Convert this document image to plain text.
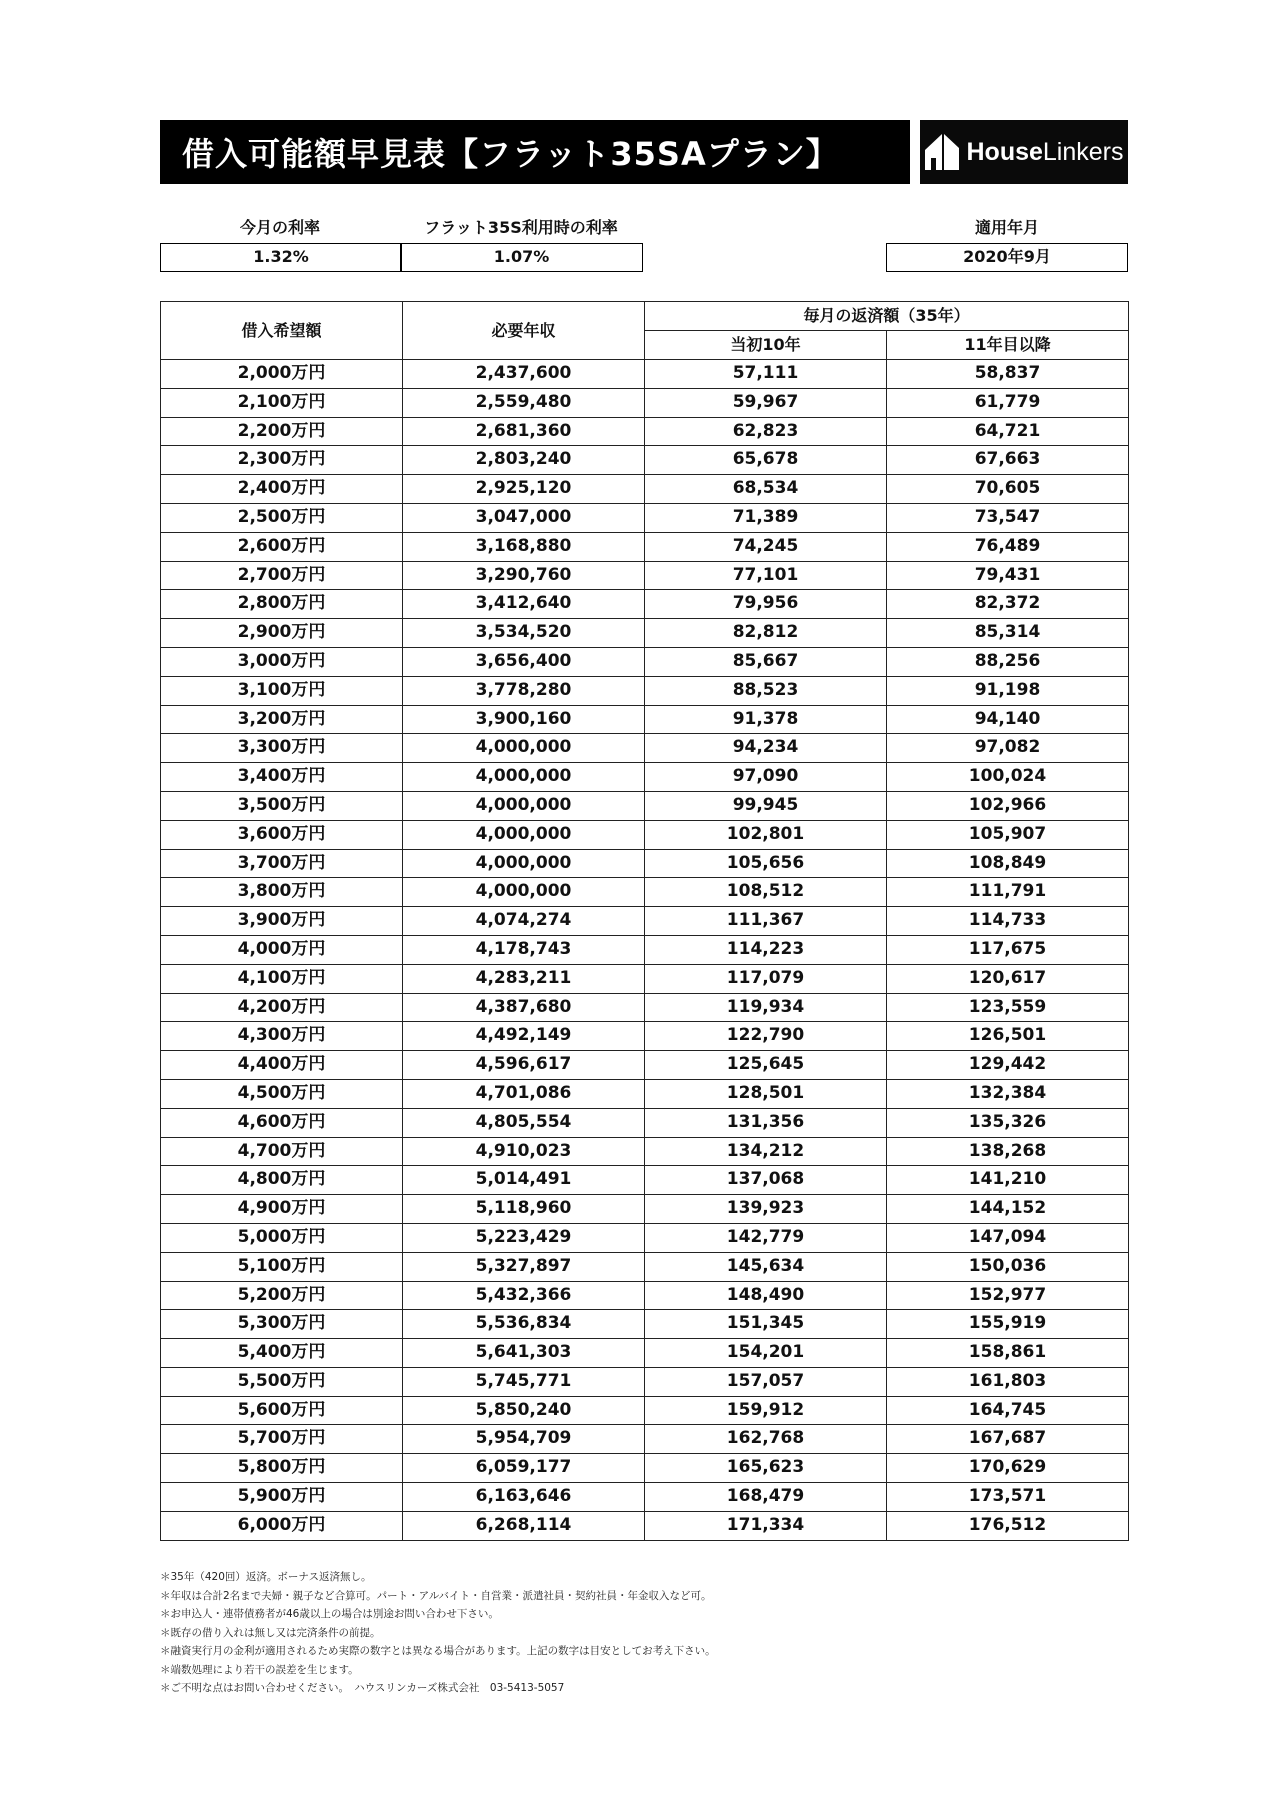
借入可能額早見表【フラット35SAプラン】	HouseLinkers
今月の利率
1.32%
フラット35S利用時の利率
1.07%
適用年月
2020年9月
借入希望額	必要年収	毎月の返済額（35年）	
		当初10年	11年目以降
2,000万円	2,437,600	57,111	58,837
2,100万円	2,559,480	59,967	61,779
2,200万円	2,681,360	62,823	64,721
2,300万円	2,803,240	65,678	67,663
2,400万円	2,925,120	68,534	70,605
2,500万円	3,047,000	71,389	73,547
2,600万円	3,168,880	74,245	76,489
2,700万円	3,290,760	77,101	79,431
2,800万円	3,412,640	79,956	82,372
2,900万円	3,534,520	82,812	85,314
3,000万円	3,656,400	85,667	88,256
3,100万円	3,778,280	88,523	91,198
3,200万円	3,900,160	91,378	94,140
3,300万円	4,000,000	94,234	97,082
3,400万円	4,000,000	97,090	100,024
3,500万円	4,000,000	99,945	102,966
3,600万円	4,000,000	102,801	105,907
3,700万円	4,000,000	105,656	108,849
3,800万円	4,000,000	108,512	111,791
3,900万円	4,074,274	111,367	114,733
4,000万円	4,178,743	114,223	117,675
4,100万円	4,283,211	117,079	120,617
4,200万円	4,387,680	119,934	123,559
4,300万円	4,492,149	122,790	126,501
4,400万円	4,596,617	125,645	129,442
4,500万円	4,701,086	128,501	132,384
4,600万円	4,805,554	131,356	135,326
4,700万円	4,910,023	134,212	138,268
4,800万円	5,014,491	137,068	141,210
4,900万円	5,118,960	139,923	144,152
5,000万円	5,223,429	142,779	147,094
5,100万円	5,327,897	145,634	150,036
5,200万円	5,432,366	148,490	152,977
5,300万円	5,536,834	151,345	155,919
5,400万円	5,641,303	154,201	158,861
5,500万円	5,745,771	157,057	161,803
5,600万円	5,850,240	159,912	164,745
5,700万円	5,954,709	162,768	167,687
5,800万円	6,059,177	165,623	170,629
5,900万円	6,163,646	168,479	173,571
6,000万円	6,268,114	171,334	176,512
＊35年（420回）返済。ボーナス返済無し。
＊年収は合計2名まで夫婦・親子など合算可。パート・アルバイト・自営業・派遣社員・契約社員・年金収入など可。
＊お申込人・連帯債務者が46歳以上の場合は別途お問い合わせ下さい。
＊既存の借り入れは無し又は完済条件の前提。
＊融資実行月の金利が適用されるため実際の数字とは異なる場合があります。上記の数字は目安としてお考え下さい。
＊端数処理により若干の誤差を生じます。
＊ご不明な点はお問い合わせください。　ハウスリンカーズ株式会社　03-5413-5057
